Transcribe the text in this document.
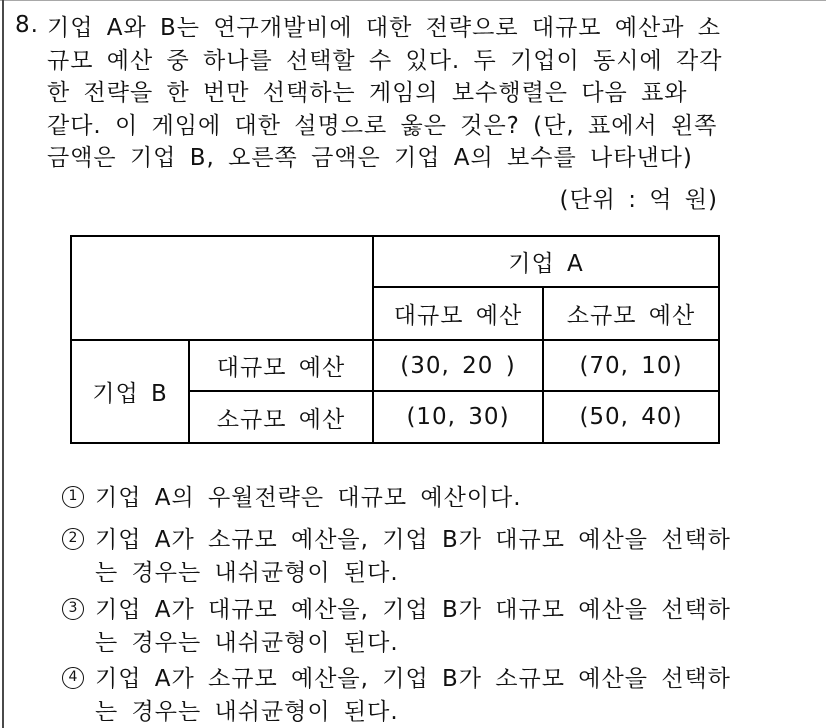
8. 기업 A와 B는 연구개발비에 대한 전략으로 대규모 예산과 소
규모 예산 중 하나를 선택할 수 있다. 두 기업이 동시에 각각
한 전략을 한 번만 선택하는 게임의 보수행렬은 다음 표와
같다. 이 게임에 대한 설명으로 옳은 것은? (단, 표에서 왼쪽
금액은 기업 B, 오른쪽 금액은 기업 A의 보수를 나타낸다)
(단위 : 억 원)
		기업 A	
		대규모 예산	소규모 예산
기업 B	대규모 예산	(30, 20 )	(70, 10)
	소규모 예산	(10, 30)	(50, 40)
1 기업 A의 우월전략은 대규모 예산이다.
2 기업 A가 소규모 예산을, 기업 B가 대규모 예산을 선택하
는 경우는 내쉬균형이 된다.
3 기업 A가 대규모 예산을, 기업 B가 대규모 예산을 선택하
는 경우는 내쉬균형이 된다.
4 기업 A가 소규모 예산을, 기업 B가 소규모 예산을 선택하
는 경우는 내쉬균형이 된다.
